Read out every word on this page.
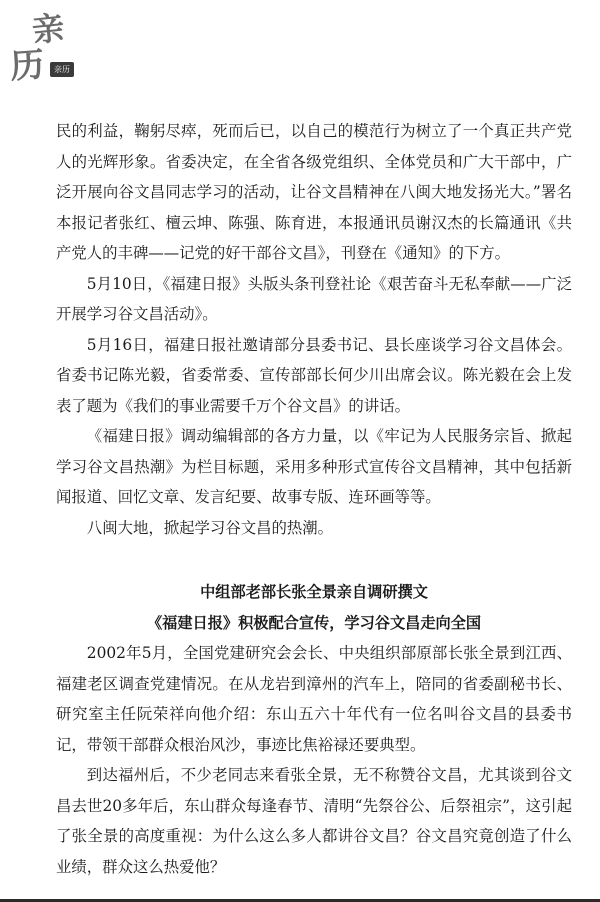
亲
历	亲历

民的利益，鞠躬尽瘁，死而后已，以自己的模范行为树立了一个真正共产党人的光辉形象。省委决定，在全省各级党组织、全体党员和广大干部中，广泛开展向谷文昌同志学习的活动，让谷文昌精神在八闽大地发扬光大。”署名本报记者张红、檀云坤、陈强、陈育进，本报通讯员谢汉杰的长篇通讯《共产党人的丰碑——记党的好干部谷文昌》，刊登在《通知》的下方。

5月10日，《福建日报》头版头条刊登社论《艰苦奋斗无私奉献——广泛开展学习谷文昌活动》。

5月16日，福建日报社邀请部分县委书记、县长座谈学习谷文昌体会。省委书记陈光毅，省委常委、宣传部部长何少川出席会议。陈光毅在会上发表了题为《我们的事业需要千万个谷文昌》的讲话。

《福建日报》调动编辑部的各方力量，以《牢记为人民服务宗旨、掀起学习谷文昌热潮》为栏目标题，采用多种形式宣传谷文昌精神，其中包括新闻报道、回忆文章、发言纪要、故事专版、连环画等等。

八闽大地，掀起学习谷文昌的热潮。

中组部老部长张全景亲自调研撰文

《福建日报》积极配合宣传，学习谷文昌走向全国

2002年5月，全国党建研究会会长、中央组织部原部长张全景到江西、福建老区调查党建情况。在从龙岩到漳州的汽车上，陪同的省委副秘书长、研究室主任阮荣祥向他介绍：东山五六十年代有一位名叫谷文昌的县委书记，带领干部群众根治风沙，事迹比焦裕禄还要典型。

到达福州后，不少老同志来看张全景，无不称赞谷文昌，尤其谈到谷文昌去世20多年后，东山群众每逢春节、清明“先祭谷公、后祭祖宗”，这引起了张全景的高度重视：为什么这么多人都讲谷文昌？谷文昌究竟创造了什么业绩，群众这么热爱他？
